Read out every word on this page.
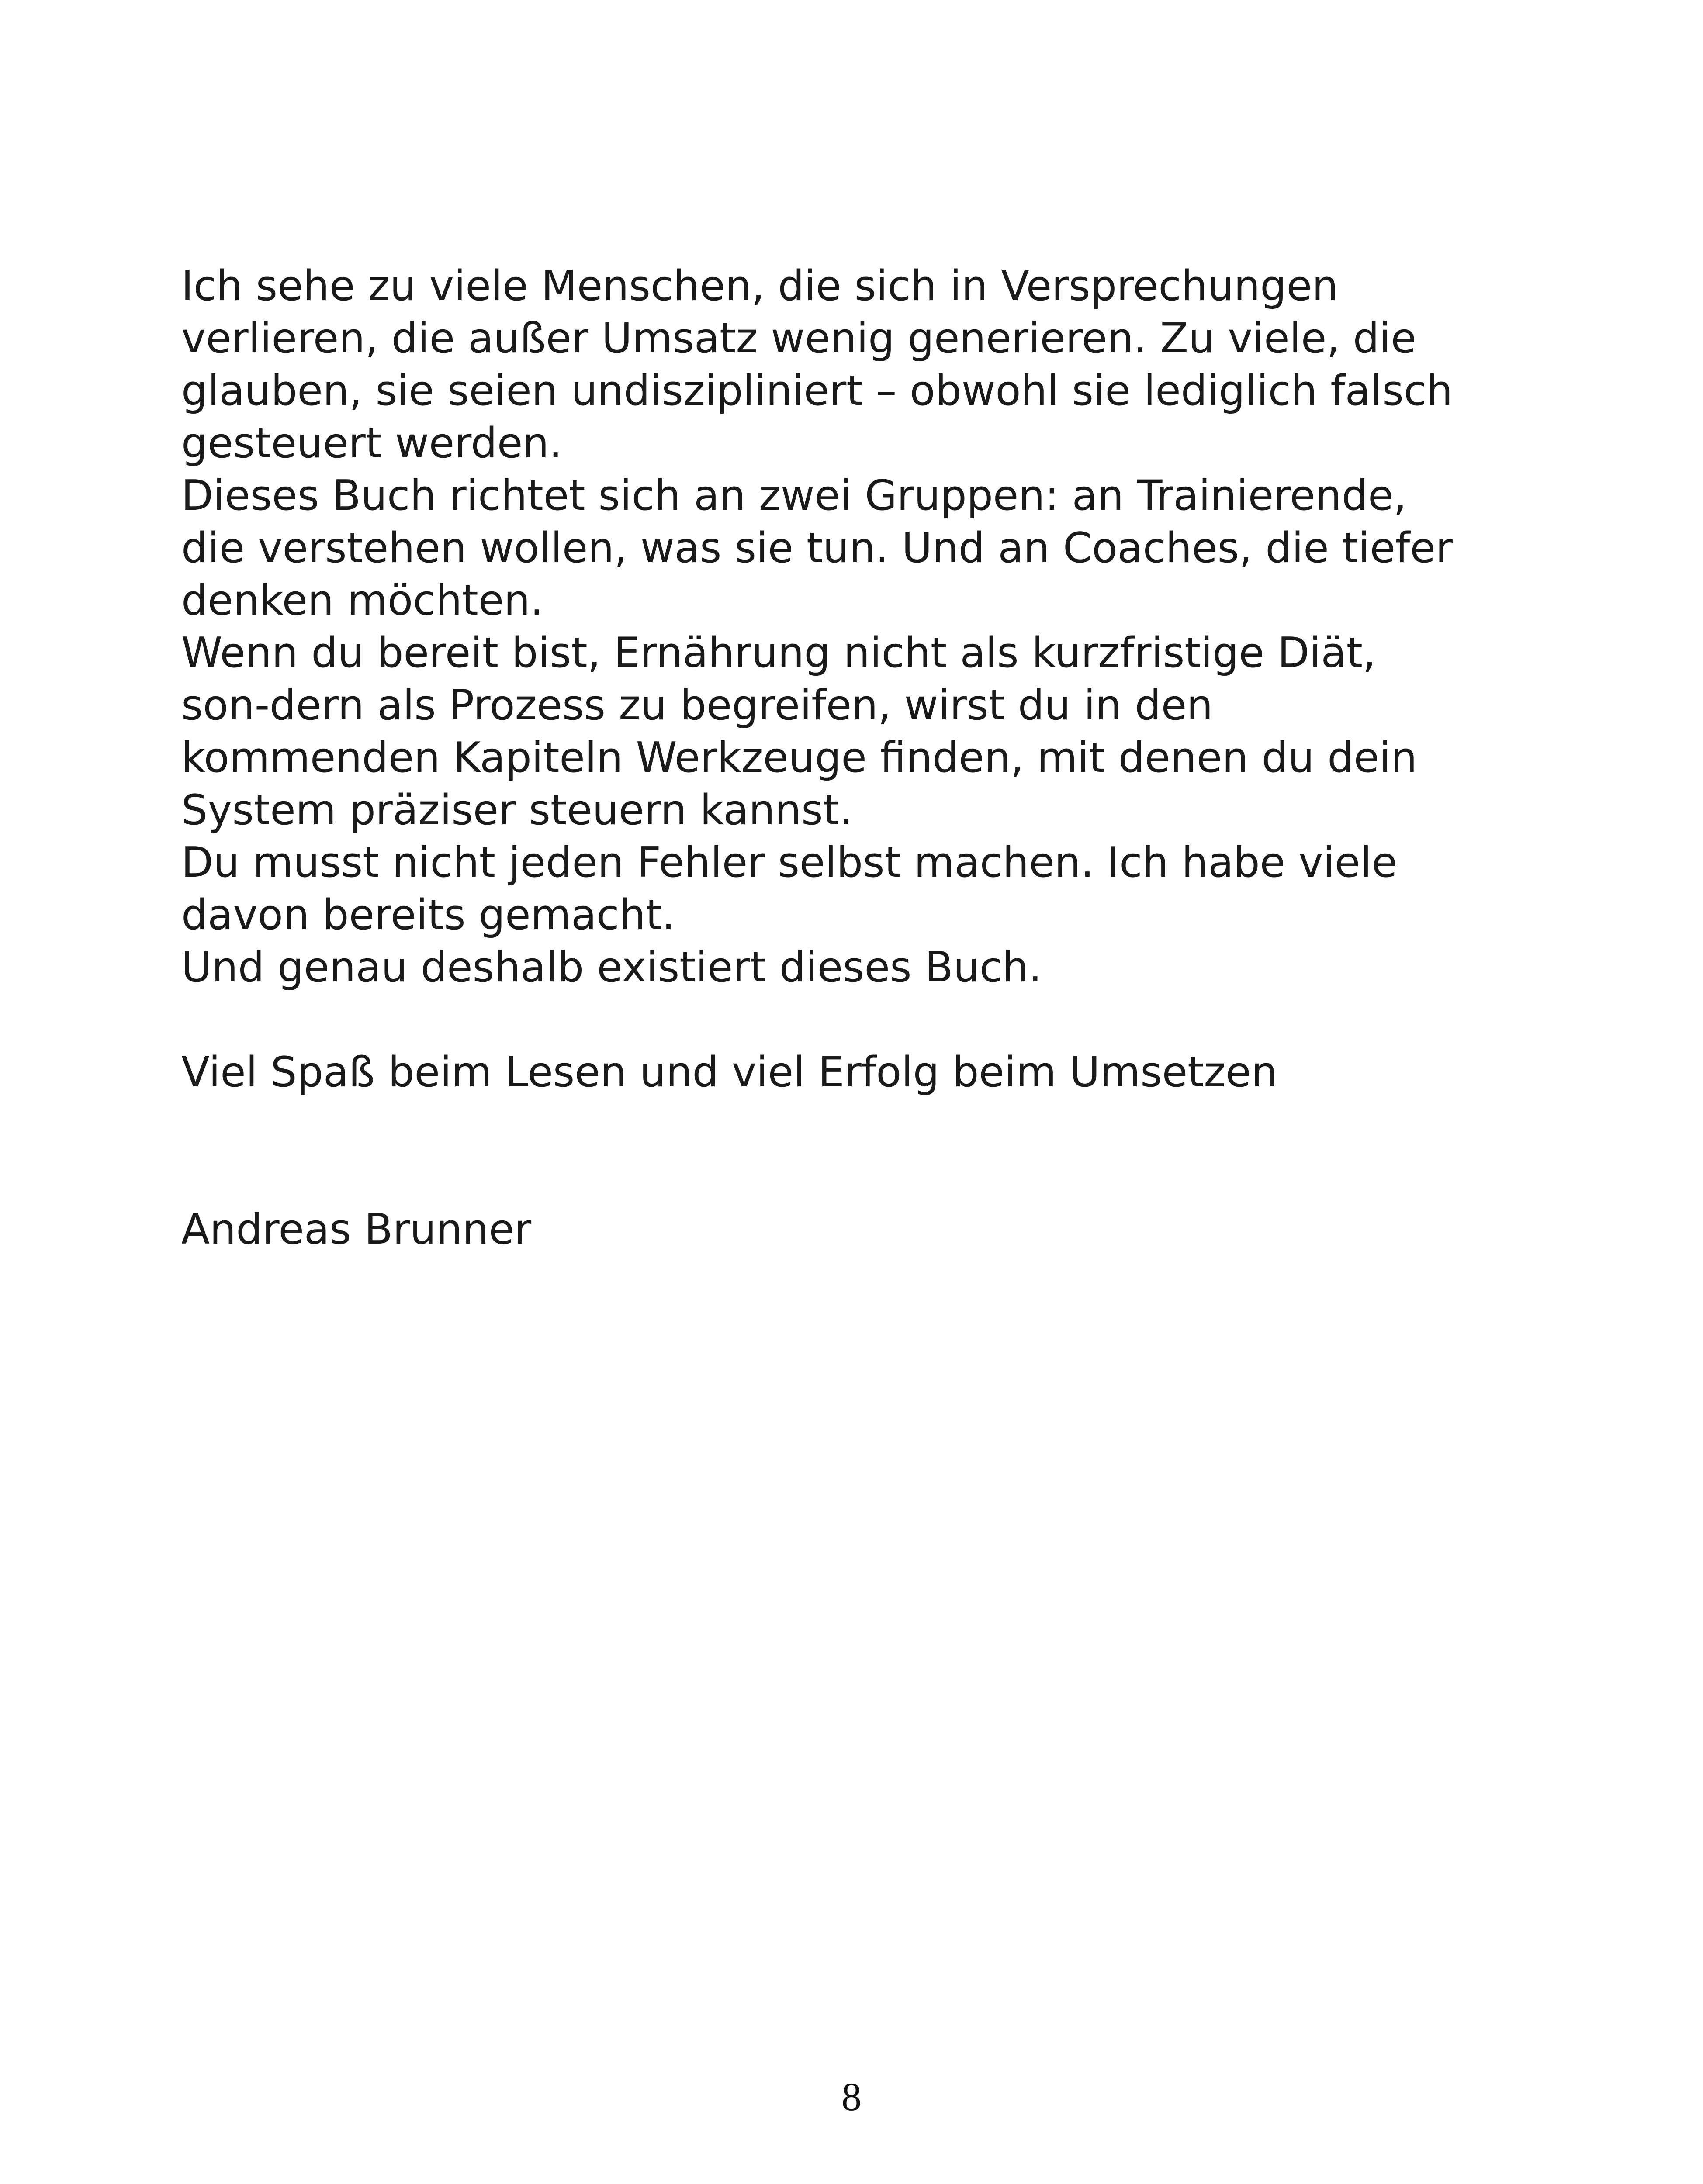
Ich sehe zu viele Menschen, die sich in Versprechungen
verlieren, die außer Umsatz wenig generieren. Zu viele, die
glauben, sie seien undiszipliniert – obwohl sie lediglich falsch
gesteuert werden.
Dieses Buch richtet sich an zwei Gruppen: an Trainierende,
die verstehen wollen, was sie tun. Und an Coaches, die tiefer
denken möchten.
Wenn du bereit bist, Ernährung nicht als kurzfristige Diät,
son-dern als Prozess zu begreifen, wirst du in den
kommenden Kapiteln Werkzeuge finden, mit denen du dein
System präziser steuern kannst.
Du musst nicht jeden Fehler selbst machen. Ich habe viele
davon bereits gemacht.
Und genau deshalb existiert dieses Buch.
Viel Spaß beim Lesen und viel Erfolg beim Umsetzen
Andreas Brunner
8
